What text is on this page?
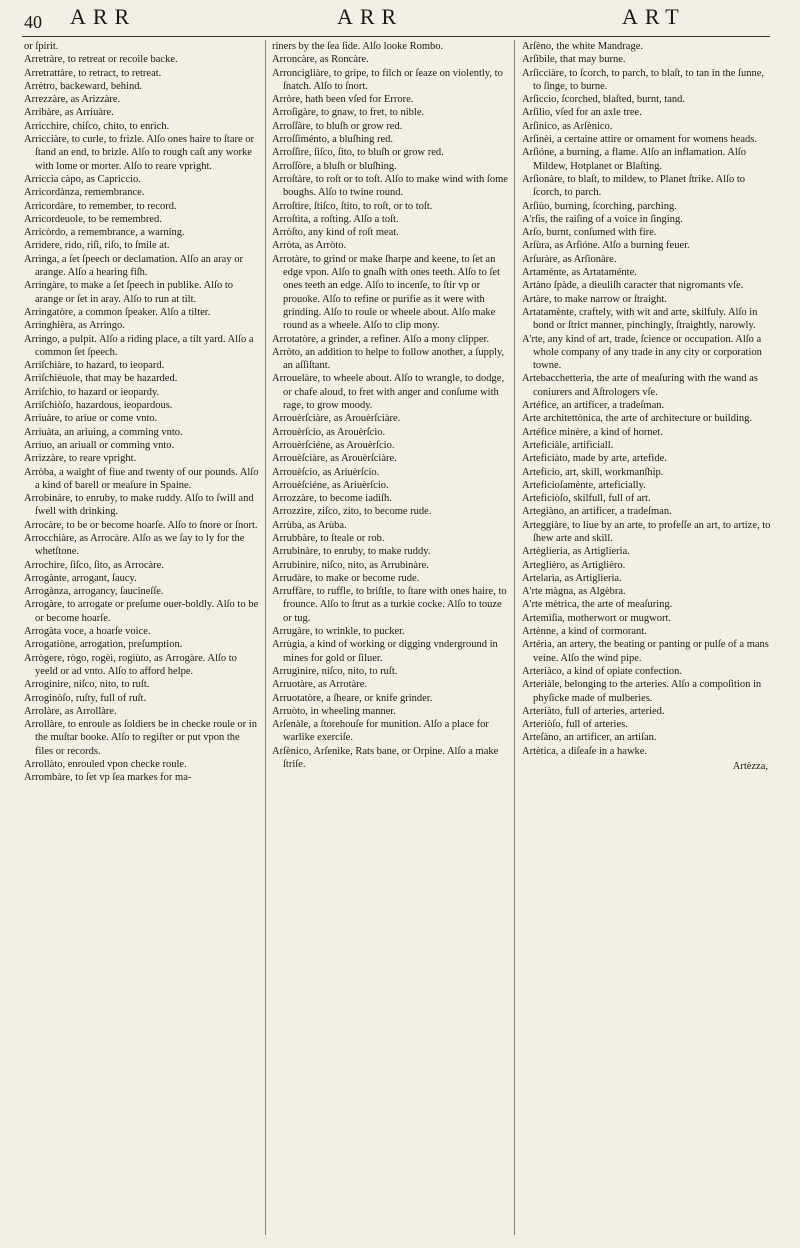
40 ARR	ARR	ART

or ſpirit.

Arretràre, to retreat or recoile backe.

Arretrattàre, to retract, to retreat.

Arrètro, backeward, behind.

Arrezzàre, as Arizzàre.

Arribàre, as Arriuàre.

Arricchìre, chiſco, chito, to enrich.

Arricciàre, to curle, to frizle. Alſo ones haire to ſtare or ſtand an end, to brizle. Alſo to rough caſt any worke with lome or morter. Alſo to reare vpright.

Arriccia càpo, as Capriccio.

Arricordànza, remembrance.

Arricordàre, to remember, to record.

Arricordeuole, to be remembred.

Arricòrdo, a remembrance, a warning.

Arridere, rido, riſi, riſo, to ſmile at.

Arrìnga, a ſet ſpeech or declamation. Alſo an aray or arange. Alſo a hearing fiſh.

Arringàre, to make a ſet ſpeech in publike. Alſo to arange or ſet in aray. Alſo to run at tilt.

Arringatòre, a common ſpeaker. Alſo a tilter.

Arringhièra, as Arringo.

Arringo, a pulpit. Alſo a riding place, a tilt yard. Alſo a common ſet ſpeech.

Arriſchiàre, to hazard, to ieopard.

Arriſchièuole, that may be hazarded.

Arriſchio, to hazard or ieopardy.

Arriſchiòſo, hazardous, ieopardous.

Arriuàre, to ariue or come vnto.

Arriuàta, an ariuing, a comming vnto.

Arriuo, an ariuall or comming vnto.

Arrizzàre, to reare vpright.

Arròba, a waight of fiue and twenty of our pounds. Alſo a kind of barell or meaſure in Spaine.

Arrobinàre, to enruby, to make ruddy. Alſo to ſwill and ſwell with drinking.

Arrocàre, to be or become hoarſe. Alſo to ſnore or ſnort.

Arrocchiàre, as Arrocàre. Alſo as we ſay to ly for the whetſtone.

Arrochìre, ſiſco, ſito, as Arrocàre.

Arrogànte, arrogant, ſaucy.

Arrogànza, arrogancy, ſaucineſſe.

Arrogàre, to arrogate or preſume ouer-boldly. Alſo to be or become hoarſe.

Arrogàta voce, a hoarſe voice.

Arrogatiòne, arrogation, preſumption.

Arrògere, rògo, rogèi, rogiùto, as Arrogàre. Alſo to yeeld or ad vnto. Alſo to afford helpe.

Arrogìnire, niſco, nito, to ruſt.

Arroginòſo, ruſty, full of ruſt.

Arrolàre, as Arrollàre.

Arrollàre, to enroule as ſoldiers be in checke roule or in the muſtar booke. Alſo to regiſter or put vpon the files or records.

Arrollàto, enrouled vpon checke roule.

Arrombàre, to ſet vp ſea markes for ma-

riners by the ſea ſide. Alſo looke Rombo.

Arroncàre, as Roncàre.

Arroncigliàre, to gripe, to filch or ſeaze on violently, to ſnatch. Alſo to ſnort.

Arròre, hath been vſed for Errore.

Arroſigàre, to gnaw, to fret, to nible.

Arroſſàre, to bluſh or grow red.

Arroſſiménto, a bluſhing red.

Arroſſìre, ſiſco, ſito, to bluſh or grow red.

Arroſſòre, a bluſh or bluſhing.

Arroſtàre, to roſt or to toſt. Alſo to make wind with ſome boughs. Alſo to twine round.

Arroſtìre, ſtiſco, ſtito, to roſt, or to toſt.

Arroſtìta, a roſting. Alſo a toſt.

Arròſto, any kind of roſt meat.

Arròta, as Arròto.

Arrotàre, to grind or make ſharpe and keene, to ſet an edge vpon. Alſo to gnaſh with ones teeth. Alſo to ſet ones teeth an edge. Alſo to incenſe, to ſtir vp or prouoke. Alſo to refine or purifie as it were with grinding. Alſo to roule or wheele about. Alſo make round as a wheele. Alſo to clip mony.

Arrotatòre, a grinder, a refiner. Alſo a mony clipper.

Arròto, an addition to helpe to follow another, a ſupply, an aſſiſtant.

Arrouelàre, to wheele about. Alſo to wrangle, to dodge, or chafe aloud, to fret with anger and conſume with rage, to grow moody.

Arrouèrſciàre, as Arouèrſciàre.

Arrouèrſcio, as Arouèrſcio.

Arrouèrſciéne, as Arouèrſcio.

Arrouèſciàre, as Arouèrſciàre.

Arrouèſcio, as Ariuèrſcio.

Arrouèſciéne, as Ariuèrſcio.

Arrozzàre, to become iadiſh.

Arrozzìre, ziſco, zito, to become rude.

Arrùba, as Arùba.

Arrubbàre, to ſteale or rob.

Arrubinàre, to enruby, to make ruddy.

Arrubinìre, niſco, nito, as Arrubinàre.

Arrudàre, to make or become rude.

Arruffàre, to ruffle, to briſtle, to ſtare with ones haire, to frounce. Alſo to ſtrut as a turkie cocke. Alſo to touze or tug.

Arrugàre, to wrinkle, to pucker.

Arrùgia, a kind of working or digging vnderground in mines for gold or ſiluer.

Arrugìnire, niſco, nito, to ruſt.

Arruotàre, as Arrotàre.

Arruotatòre, a ſheare, or knife grinder.

Arruòto, in wheeling manner.

Arſenàle, a ſtorehouſe for munition. Alſo a place for warlike exerciſe.

Arſènico, Arſenike, Rats bane, or Orpine. Alſo a make ſtriſe.

Arſèno, the white Mandrage.

Arſìbile, that may burne.

Arſicciàre, to ſcorch, to parch, to blaſt, to tan in the ſunne, to ſinge, to burne.

Arſiccio, ſcorched, blaſted, burnt, tand.

Arſìlio, vſed for an axle tree.

Arſinico, as Arſènico.

Arſinèi, a certaine attire or ornament for womens heads.

Arſióne, a burning, a flame. Alſo an inflamation. Alſo Mildew, Hotplanet or Blaſting.

Arſionàre, to blaſt, to mildew, to Planet ſtrike. Alſo to ſcorch, to parch.

Arſiùo, burning, ſcorching, parching.

A'rſis, the raiſing of a voice in ſinging.

Arſo, burnt, conſumed with fire.

Arſùra, as Arſióne. Alſo a burning feuer.

Arſuràre, as Arſionàre.

Artaménte, as Artataménte.

Artàno ſpàde, a dieuliſh caracter that nigromants vſe.

Artàre, to make narrow or ſtraight.

Artatamènte, craftely, with wit and arte, skilfuly. Alſo in bond or ſtrict manner, pinchingly, ſtraightly, narowly.

A'rte, any kind of art, trade, ſcience or occupation. Alſo a whole company of any trade in any city or corporation towne.

Artebacchetterìa, the arte of meaſuring with the wand as coniurers and Aſtrologers vſe.

Artéfice, an artificer, a tradeſman.

Arte architettònica, the arte of architecture or building.

Artéfice minère, a kind of hornet.

Arteficiàle, artificiall.

Arteficiàto, made by arte, artefide.

Artefìcio, art, skill, workmanſhip.

Arteficioſamènte, arteficially.

Arteficiòſo, skilfull, full of art.

Artegiàno, an artificer, a tradeſman.

Arteggiàre, to liue by an arte, to profeſſe an art, to artize, to ſhew arte and skill.

Artèglieria, as Artiglieria.

Arteglièro, as Artiglièro.

Artelarìa, as Artiglieria.

A'rte màgna, as Algèbra.

A'rte mètrica, the arte of meaſuring.

Artemìſia, motherwort or mugwort.

Artènne, a kind of cormorant.

Artéria, an artery, the beating or panting or pulſe of a mans veine. Alſo the wind pipe.

Arteriàco, a kind of opiate confection.

Arteriàle, belonging to the arteries. Alſo a compoſition in phyſicke made of mulberies.

Arteriàto, full of arteries, arteried.

Arteriòſo, full of arteries.

Arteſàno, an artificer, an artiſan.

Artètica, a diſeaſe in a hawke.

Artèzza,
